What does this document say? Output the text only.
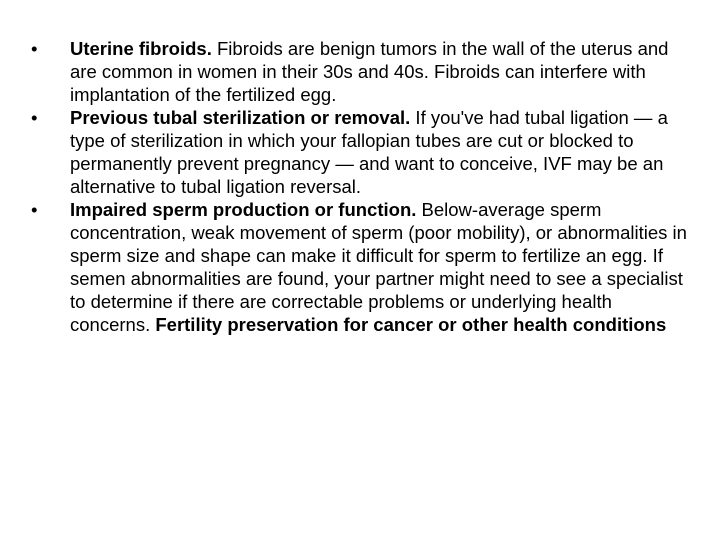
•	Uterine fibroids. Fibroids are benign tumors in the wall of the uterus and are common in women in their 30s and 40s. Fibroids can interfere with implantation of the fertilized egg.
•	Previous tubal sterilization or removal. If you've had tubal ligation — a type of sterilization in which your fallopian tubes are cut or blocked to permanently prevent pregnancy — and want to conceive, IVF may be an alternative to tubal ligation reversal.
•	Impaired sperm production or function. Below-average sperm concentration, weak movement of sperm (poor mobility), or abnormalities in sperm size and shape can make it difficult for sperm to fertilize an egg. If semen abnormalities are found, your partner might need to see a specialist to determine if there are correctable problems or underlying health concerns. Fertility preservation for cancer or other health conditions
